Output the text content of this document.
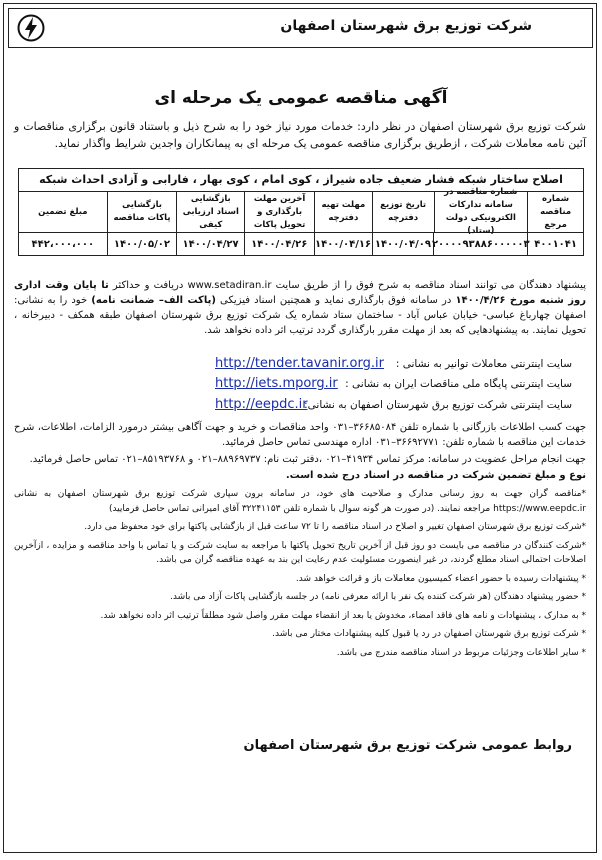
شرکت توزیع برق شهرستان اصفهان
آگهی مناقصه عمومی یک مرحله ای
شرکت توزیع برق شهرستان اصفهان در نظر دارد: خدمات مورد نیاز خود را به شرح ذیل و باستناد قانون برگزاری مناقصات و آئین نامه معاملات شرکت ، ازطریق برگزاری مناقصه عمومی یک مرحله ای به پیمانکاران واجدین شرایط واگذار نماید.
اصلاح ساختار شبکه فشار ضعیف جاده شیراز ، کوی امام ، کوی بهار ، فارابی و آزادی احداث شبکه
شماره مناقصه مرجع
شماره مناقصه در سامانه تدارکات الکترونیکی دولت (ستاد)
تاریخ توزیع دفترچه
مهلت تهیه دفترچه
آخرین مهلت بارگذاری و تحویل پاکات
بازگشایی اسناد ارزیابی کیفی
بازگشایی پاکات مناقصه
مبلغ تضمین
۴۰۰۱۰۴۱
۲۰۰۰۰۹۳۸۸۶۰۰۰۰۰۳
۱۴۰۰/۰۴/۰۹
۱۴۰۰/۰۴/۱۶
۱۴۰۰/۰۴/۲۶
۱۴۰۰/۰۴/۲۷
۱۴۰۰/۰۵/۰۲
۴۴۲،۰۰۰،۰۰۰
پیشنهاد دهندگان می توانند اسناد مناقصه به شرح فوق را از طریق سایت www.setadiran.ir دریافت و حداکثر تا پایان وقت اداری روز شنبه مورخ ۱۴۰۰/۴/۲۶ در سامانه فوق بارگذاری نماید و همچنین اسناد فیزیکی (پاکت الف– ضمانت نامه) خود را به نشانی: اصفهان چهارباغ عباسی- خیابان عباس آباد - ساختمان ستاد شماره یک شرکت توزیع برق شهرستان اصفهان طبقه همکف - دبیرخانه ، تحویل نمایند. به پیشنهادهایی که بعد از مهلت مقرر بارگذاری گردد ترتیب اثر داده نخواهد شد.
سایت اینترنتی معاملات توانیر به نشانی :
http://tender.tavanir.org.ir
سایت اینترنتی پایگاه ملی مناقصات ایران به نشانی :
http://iets.mporg.ir
سایت اینترنتی شرکت توزیع برق شهرستان اصفهان به نشانی:
http://eepdc.ir
جهت کسب اطلاعات بازرگانی با شماره تلفن ۳۶۶۸۵۰۸۴–۰۳۱ واحد مناقصات و خرید و جهت آگاهی بیشتر درمورد الزامات، اطلاعات، شرح خدمات این مناقصه با شماره تلفن: ۳۶۶۹۲۷۷۱–۰۳۱ اداره مهندسی تماس حاصل فرمائید.
جهت انجام مراحل عضویت در سامانه: مرکز تماس ۴۱۹۳۴–۰۲۱ ،دفتر ثبت نام: ۸۸۹۶۹۷۳۷–۰۲۱ و ۸۵۱۹۳۷۶۸–۰۲۱ تماس حاصل فرمائید.
نوع و مبلغ تضمین شرکت در مناقصه در اسناد درج شده است.
*مناقصه گران جهت به روز رسانی مدارک و صلاحیت های خود، در سامانه برون سپاری شرکت توزیع برق شهرستان اصفهان به نشانی https://www.eepdc.ir مراجعه نمایند. (در صورت هر گونه سوال با شماره تلفن ۳۲۲۴۱۱۵۳ آقای امیرانی تماس حاصل فرمایید)
*شرکت توزیع برق شهرستان اصفهان تغییر و اصلاح در اسناد مناقصه را تا ۷۲ ساعت قبل از بازگشایی پاکتها برای خود محفوظ می دارد.
*شرکت کنندگان در مناقصه می بایست دو روز قبل از آخرین تاریخ تحویل پاکتها با مراجعه به سایت شرکت و یا تماس با واحد مناقصه و مزایده ، ازآخرین اصلاحات احتمالی اسناد مطلع گردند، در غیر اینصورت مسئولیت عدم رعایت این بند به عهده مناقصه گران می باشد.
* پیشنهادات رسیده با حضور اعضاء کمیسیون معاملات باز و قرائت خواهد شد.
* حضور پیشنهاد دهندگان (هر شرکت کننده یک نفر با ارائه معرفی نامه) در جلسه بازگشایی پاکات آزاد می باشد.
* به مدارک ، پیشنهادات و نامه های فاقد امضاء، مخدوش یا بعد از انقضاء مهلت مقرر واصل شود مطلقاً ترتیب اثر داده نخواهد شد.
* شرکت توزیع برق شهرستان اصفهان در رد یا قبول کلیه پیشنهادات مختار می باشد.
* سایر اطلاعات وجزئیات مربوط در اسناد مناقصه مندرج می باشد.
روابط عمومی شرکت توزیع برق شهرستان اصفهان
